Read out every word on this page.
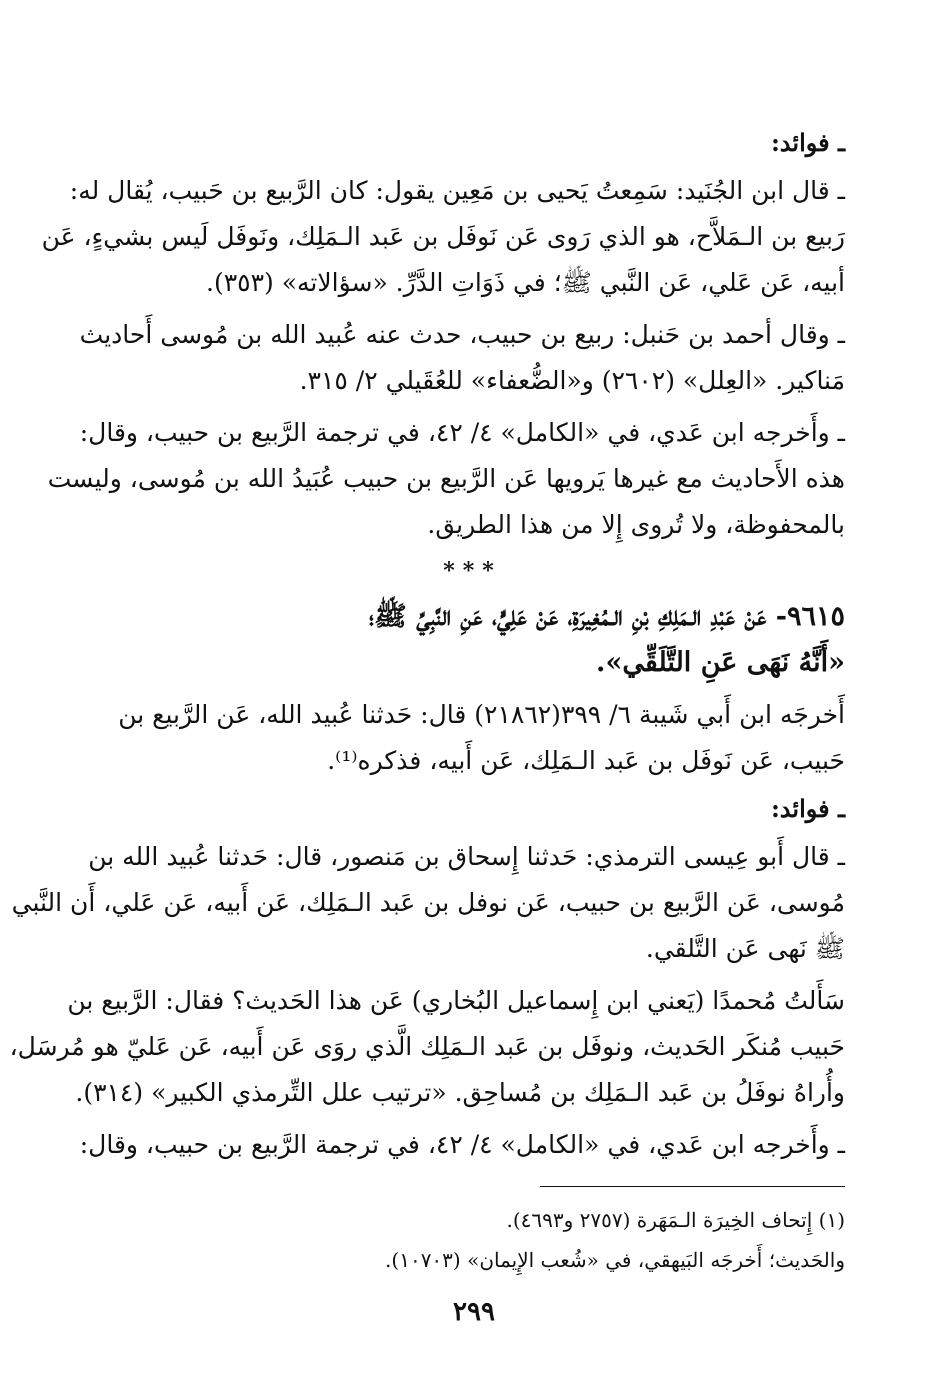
ـ فوائد:
ـ قال ابن الجُنَيد: سَمِعتُ يَحيى بن مَعِين يقول: كان الرَّبيع بن حَبيب، يُقال له:
رَبيع بن الـمَلاَّح، هو الذي رَوى عَن نَوفَل بن عَبد الـمَلِك، ونَوفَل لَيس بشيءٍ، عَن
أبيه، عَن عَلي، عَن النَّبي ﷺ؛ في ذَوَاتِ الدَّرِّ. «سؤالاته» (٣٥٣).
ـ وقال أحمد بن حَنبل: ربيع بن حبيب، حدث عنه عُبيد الله بن مُوسى أَحاديث
مَناكير. «العِلل» (٢٦٠٢) و«الضُّعفاء» للعُقَيلي ٢/ ٣١٥.
ـ وأَخرجه ابن عَدي، في «الكامل» ٤/ ٤٢، في ترجمة الرَّبيع بن حبيب، وقال:
هذه الأَحاديث مع غيرها يَرويها عَن الرَّبيع بن حبيب عُبَيدُ الله بن مُوسى، وليست
بالمحفوظة، ولا تُروى إِلا من هذا الطريق.
***
٩٦١٥- عَنْ عَبْدِ الـمَلِكِ بْنِ الـمُغِيرَةِ، عَنْ عَلِيٍّ، عَنِ النَّبِيِّ ﷺ؛
«أَنَّهُ نَهَى عَنِ التَّلَقِّي».
أَخرجَه ابن أَبي شَيبة ٦/ ٣٩٩(٢١٨٦٢) قال: حَدثنا عُبيد الله، عَن الرَّبيع بن
حَبيب، عَن نَوفَل بن عَبد الـمَلِك، عَن أَبيه، فذكره⁽¹⁾.
ـ فوائد:
ـ قال أَبو عِيسى الترمذي: حَدثنا إِسحاق بن مَنصور، قال: حَدثنا عُبيد الله بن
مُوسى، عَن الرَّبيع بن حبيب، عَن نوفل بن عَبد الـمَلِك، عَن أَبيه، عَن عَلي، أَن النَّبي
ﷺ نَهى عَن التَّلقي.
سَأَلتُ مُحمدًا (يَعني ابن إِسماعيل البُخاري) عَن هذا الحَديث؟ فقال: الرَّبيع بن
حَبيب مُنكَر الحَديث، ونوفَل بن عَبد الـمَلِك الَّذي روَى عَن أَبيه، عَن عَليّ هو مُرسَل،
وأُراهُ نوفَلُ بن عَبد الـمَلِك بن مُساحِق. «ترتيب علل التِّرمذي الكبير» (٣١٤).
ـ وأَخرجه ابن عَدي، في «الكامل» ٤/ ٤٢، في ترجمة الرَّبيع بن حبيب، وقال:
(١) إِتحاف الخِيرَة الـمَهَرة (٢٧٥٧ و٤٦٩٣).
والحَديث؛ أَخرجَه البَيهقي، في «شُعب الإِيمان» (١٠٧٠٣).
٢٩٩
